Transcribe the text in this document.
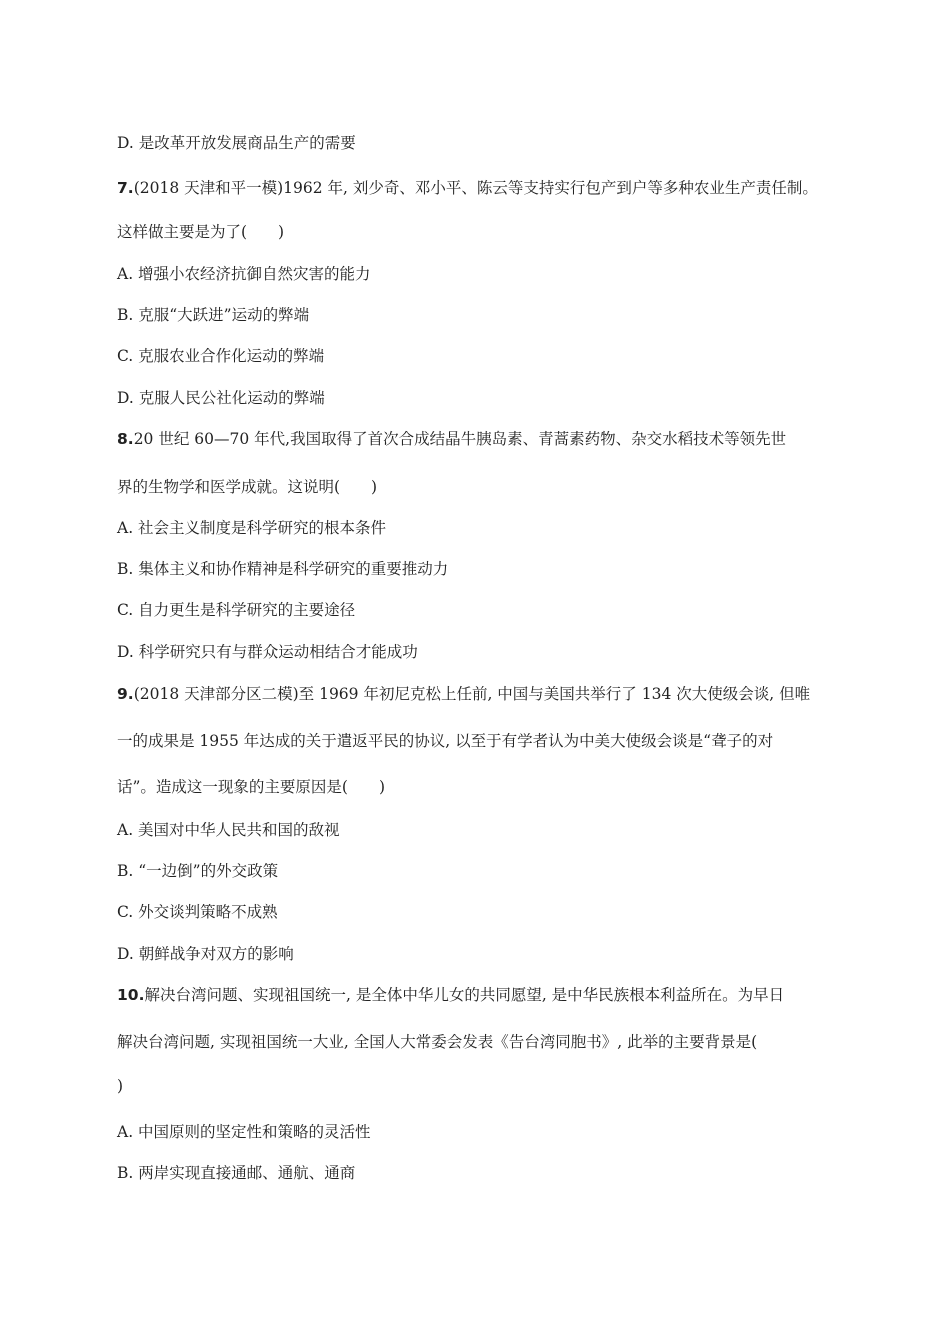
D. 是改革开放发展商品生产的需要
7.(2018 天津和平一模)1962 年, 刘少奇、邓小平、陈云等支持实行包产到户等多种农业生产责任制。
这样做主要是为了(　　)
A. 增强小农经济抗御自然灾害的能力
B. 克服“大跃进”运动的弊端
C. 克服农业合作化运动的弊端
D. 克服人民公社化运动的弊端
8.20 世纪 60—70 年代,我国取得了首次合成结晶牛胰岛素、青蒿素药物、杂交水稻技术等领先世
界的生物学和医学成就。这说明(　　)
A. 社会主义制度是科学研究的根本条件
B. 集体主义和协作精神是科学研究的重要推动力
C. 自力更生是科学研究的主要途径
D. 科学研究只有与群众运动相结合才能成功
9.(2018 天津部分区二模)至 1969 年初尼克松上任前, 中国与美国共举行了 134 次大使级会谈, 但唯
一的成果是 1955 年达成的关于遣返平民的协议, 以至于有学者认为中美大使级会谈是“聋子的对
话”。造成这一现象的主要原因是(　　)
A. 美国对中华人民共和国的敌视
B. “一边倒”的外交政策
C. 外交谈判策略不成熟
D. 朝鲜战争对双方的影响
10.解决台湾问题、实现祖国统一, 是全体中华儿女的共同愿望, 是中华民族根本利益所在。为早日
解决台湾问题, 实现祖国统一大业, 全国人大常委会发表《告台湾同胞书》, 此举的主要背景是(
)
A. 中国原则的坚定性和策略的灵活性
B. 两岸实现直接通邮、通航、通商
